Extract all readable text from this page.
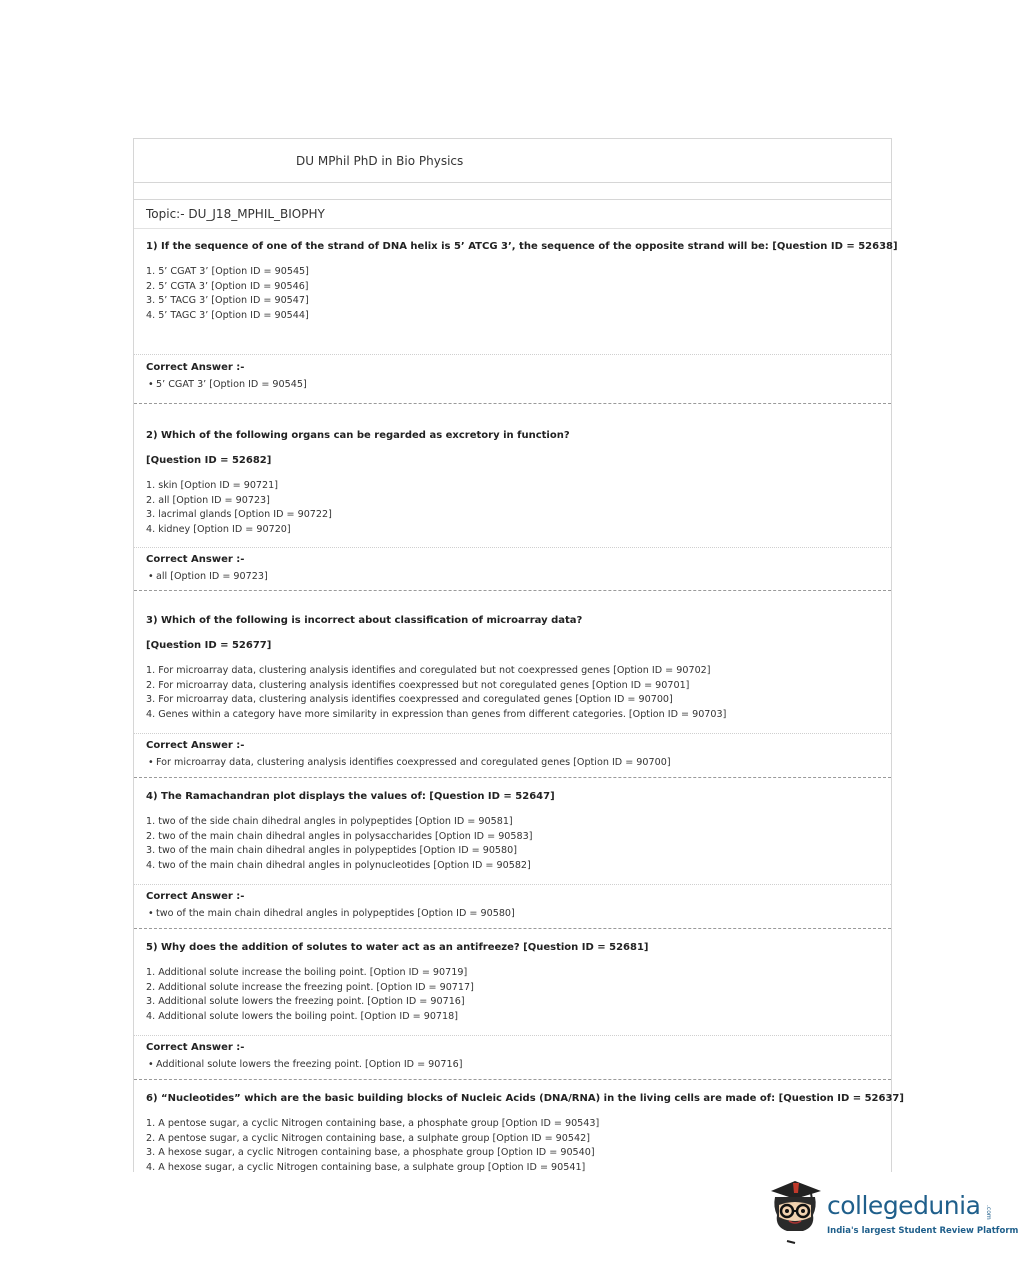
DU MPhil PhD in Bio Physics
Topic:- DU_J18_MPHIL_BIOPHY
1) If the sequence of one of the strand of DNA helix is 5’ ATCG 3’, the sequence of the opposite strand will be: [Question ID = 52638]
1. 5’ CGAT 3’ [Option ID = 90545]
2. 5’ CGTA 3’ [Option ID = 90546]
3. 5’ TACG 3’ [Option ID = 90547]
4. 5’ TAGC 3’ [Option ID = 90544]
Correct Answer :-
• 5’ CGAT 3’ [Option ID = 90545]
2) Which of the following organs can be regarded as excretory in function?
[Question ID = 52682]
1. skin [Option ID = 90721]
2. all [Option ID = 90723]
3. lacrimal glands [Option ID = 90722]
4. kidney [Option ID = 90720]
Correct Answer :-
• all [Option ID = 90723]
3) Which of the following is incorrect about classification of microarray data?
[Question ID = 52677]
1. For microarray data, clustering analysis identifies and coregulated but not coexpressed genes [Option ID = 90702]
2. For microarray data, clustering analysis identifies coexpressed but not coregulated genes [Option ID = 90701]
3. For microarray data, clustering analysis identifies coexpressed and coregulated genes [Option ID = 90700]
4. Genes within a category have more similarity in expression than genes from different categories. [Option ID = 90703]
Correct Answer :-
• For microarray data, clustering analysis identifies coexpressed and coregulated genes [Option ID = 90700]
4) The Ramachandran plot displays the values of: [Question ID = 52647]
1. two of the side chain dihedral angles in polypeptides [Option ID = 90581]
2. two of the main chain dihedral angles in polysaccharides [Option ID = 90583]
3. two of the main chain dihedral angles in polypeptides [Option ID = 90580]
4. two of the main chain dihedral angles in polynucleotides [Option ID = 90582]
Correct Answer :-
• two of the main chain dihedral angles in polypeptides [Option ID = 90580]
5) Why does the addition of solutes to water act as an antifreeze? [Question ID = 52681]
1. Additional solute increase the boiling point. [Option ID = 90719]
2. Additional solute increase the freezing point. [Option ID = 90717]
3. Additional solute lowers the freezing point. [Option ID = 90716]
4. Additional solute lowers the boiling point. [Option ID = 90718]
Correct Answer :-
• Additional solute lowers the freezing point. [Option ID = 90716]
6) “Nucleotides” which are the basic building blocks of Nucleic Acids (DNA/RNA) in the living cells are made of: [Question ID = 52637]
1. A pentose sugar, a cyclic Nitrogen containing base, a phosphate group [Option ID = 90543]
2. A pentose sugar, a cyclic Nitrogen containing base, a sulphate group [Option ID = 90542]
3. A hexose sugar, a cyclic Nitrogen containing base, a phosphate group [Option ID = 90540]
4. A hexose sugar, a cyclic Nitrogen containing base, a sulphate group [Option ID = 90541]
collegedunia .com
India's largest Student Review Platform
